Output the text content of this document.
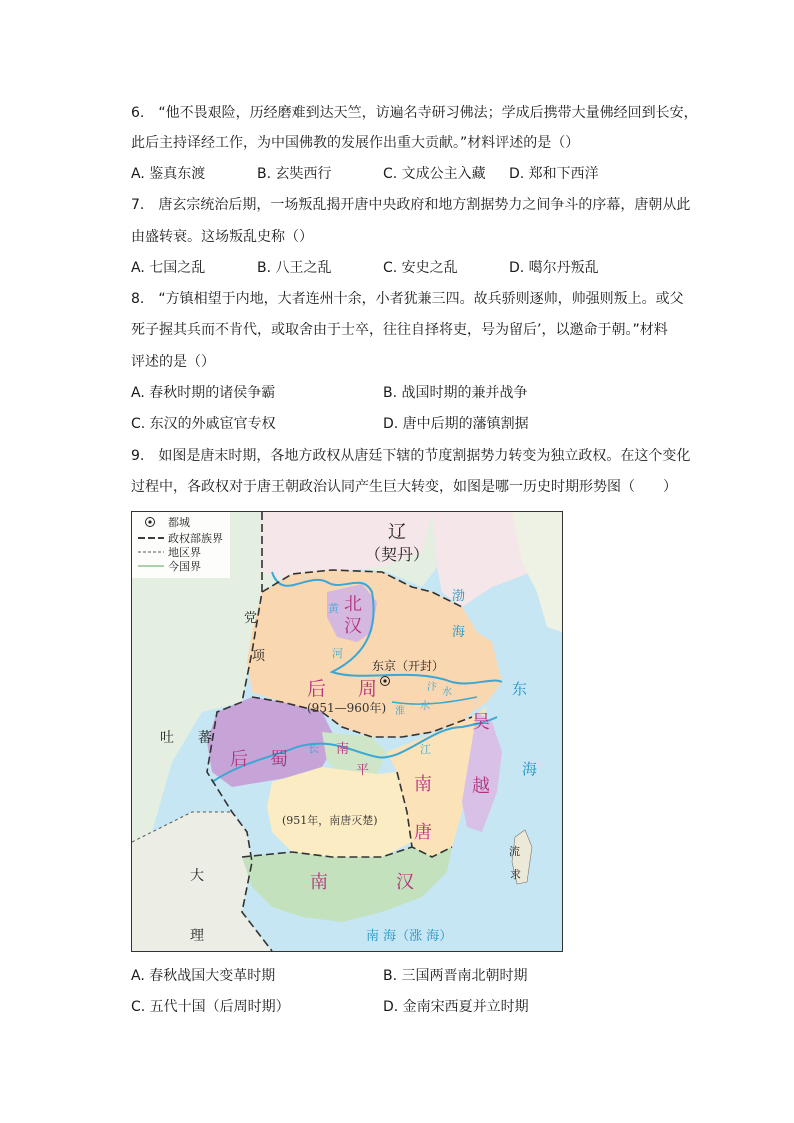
6.　“他不畏艰险，历经磨难到达天竺，访遍名寺研习佛法；学成后携带大量佛经回到长安，
此后主持译经工作，为中国佛教的发展作出重大贡献。”材料评述的是（）
A. 鉴真东渡	B. 玄奘西行	C. 文成公主入藏 D. 郑和下西洋
7.　唐玄宗统治后期，一场叛乱揭开唐中央政府和地方割据势力之间争斗的序幕，唐朝从此
由盛转衰。这场叛乱史称（）
A. 七国之乱	B. 八王之乱	C. 安史之乱	D. 噶尔丹叛乱
8.　“方镇相望于内地，大者连州十余，小者犹兼三四。故兵骄则逐帅，帅强则叛上。或父
死子握其兵而不肯代，或取舍由于士卒，往往自择将吏，号为留后’，以邀命于朝。”材料
评述的是（）
A. 春秋时期的诸侯争霸	B. 战国时期的兼并战争
C. 东汉的外戚宦官专权	D. 唐中后期的藩镇割据
9.　如图是唐末时期，各地方政权从唐廷下辖的节度割据势力转变为独立政权。在这个变化
过程中，各政权对于唐王朝政治认同产生巨大转变，如图是哪一历史时期形势图（　　）
都城
政权部族界
地区界
今国界
辽
（契丹）
北
汉
黄
河
后 周
(951—960年)
东京（开封）
汴 水
淮 水
后 蜀
长 南
平
江
南
唐
(951年，南唐灭楚)
吴
越
南	汉
党
项
吐 蕃
大
理
流
求
渤
海
东
海
南 海（涨 海）
A. 春秋战国大变革时期	B. 三国两晋南北朝时期
C. 五代十国（后周时期）	D. 金南宋西夏并立时期
